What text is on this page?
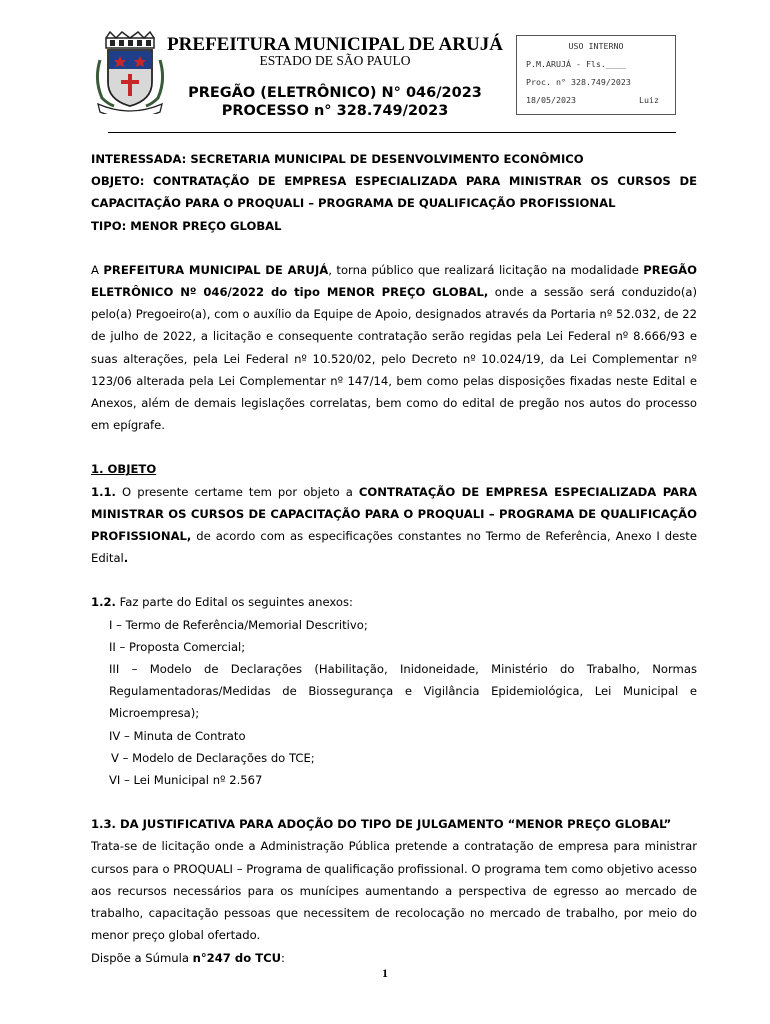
PREFEITURA MUNICIPAL DE ARUJÁ
ESTADO DE SÃO PAULO
PREGÃO (ELETRÔNICO) N° 046/2023
PROCESSO n° 328.749/2023
USO INTERNO
P.M.ARUJÁ - Fls.____
Proc. n° 328.749/2023
18/05/2023	Luiz

INTERESSADA: SECRETARIA MUNICIPAL DE DESENVOLVIMENTO ECONÔMICO

OBJETO: CONTRATAÇÃO DE EMPRESA ESPECIALIZADA PARA MINISTRAR OS CURSOS DE

CAPACITAÇÃO PARA O PROQUALI – PROGRAMA DE QUALIFICAÇÃO PROFISSIONAL

TIPO: MENOR PREÇO GLOBAL

A PREFEITURA MUNICIPAL DE ARUJÁ, torna público que realizará licitação na modalidade PREGÃO ELETRÔNICO Nº 046/2022 do tipo MENOR PREÇO GLOBAL, onde a sessão será conduzido(a) pelo(a) Pregoeiro(a), com o auxílio da Equipe de Apoio, designados através da Portaria nº 52.032, de 22 de julho de 2022, a licitação e consequente contratação serão regidas pela Lei Federal nº 8.666/93 e suas alterações, pela Lei Federal nº 10.520/02, pelo Decreto nº 10.024/19, da Lei Complementar nº 123/06 alterada pela Lei Complementar nº 147/14, bem como pelas disposições fixadas neste Edital e Anexos, além de demais legislações correlatas, bem como do edital de pregão nos autos do processo em epígrafe.

1. OBJETO

1.1. O presente certame tem por objeto a CONTRATAÇÃO DE EMPRESA ESPECIALIZADA PARA MINISTRAR OS CURSOS DE CAPACITAÇÃO PARA O PROQUALI – PROGRAMA DE QUALIFICAÇÃO PROFISSIONAL, de acordo com as especificações constantes no Termo de Referência, Anexo I deste Edital.

1.2. Faz parte do Edital os seguintes anexos:

I – Termo de Referência/Memorial Descritivo;

II – Proposta Comercial;

III – Modelo de Declarações (Habilitação, Inidoneidade, Ministério do Trabalho, Normas Regulamentadoras/Medidas de Biossegurança e Vigilância Epidemiológica, Lei Municipal e Microempresa);

IV – Minuta de Contrato

V – Modelo de Declarações do TCE;

VI – Lei Municipal nº 2.567

1.3. DA JUSTIFICATIVA PARA ADOÇÃO DO TIPO DE JULGAMENTO “MENOR PREÇO GLOBAL”

Trata-se de licitação onde a Administração Pública pretende a contratação de empresa para ministrar cursos para o PROQUALI – Programa de qualificação profissional. O programa tem como objetivo acesso aos recursos necessários para os munícipes aumentando a perspectiva de egresso ao mercado de trabalho, capacitação pessoas que necessitem de recolocação no mercado de trabalho, por meio do menor preço global ofertado.

Dispõe a Súmula n°247 do TCU:

1
